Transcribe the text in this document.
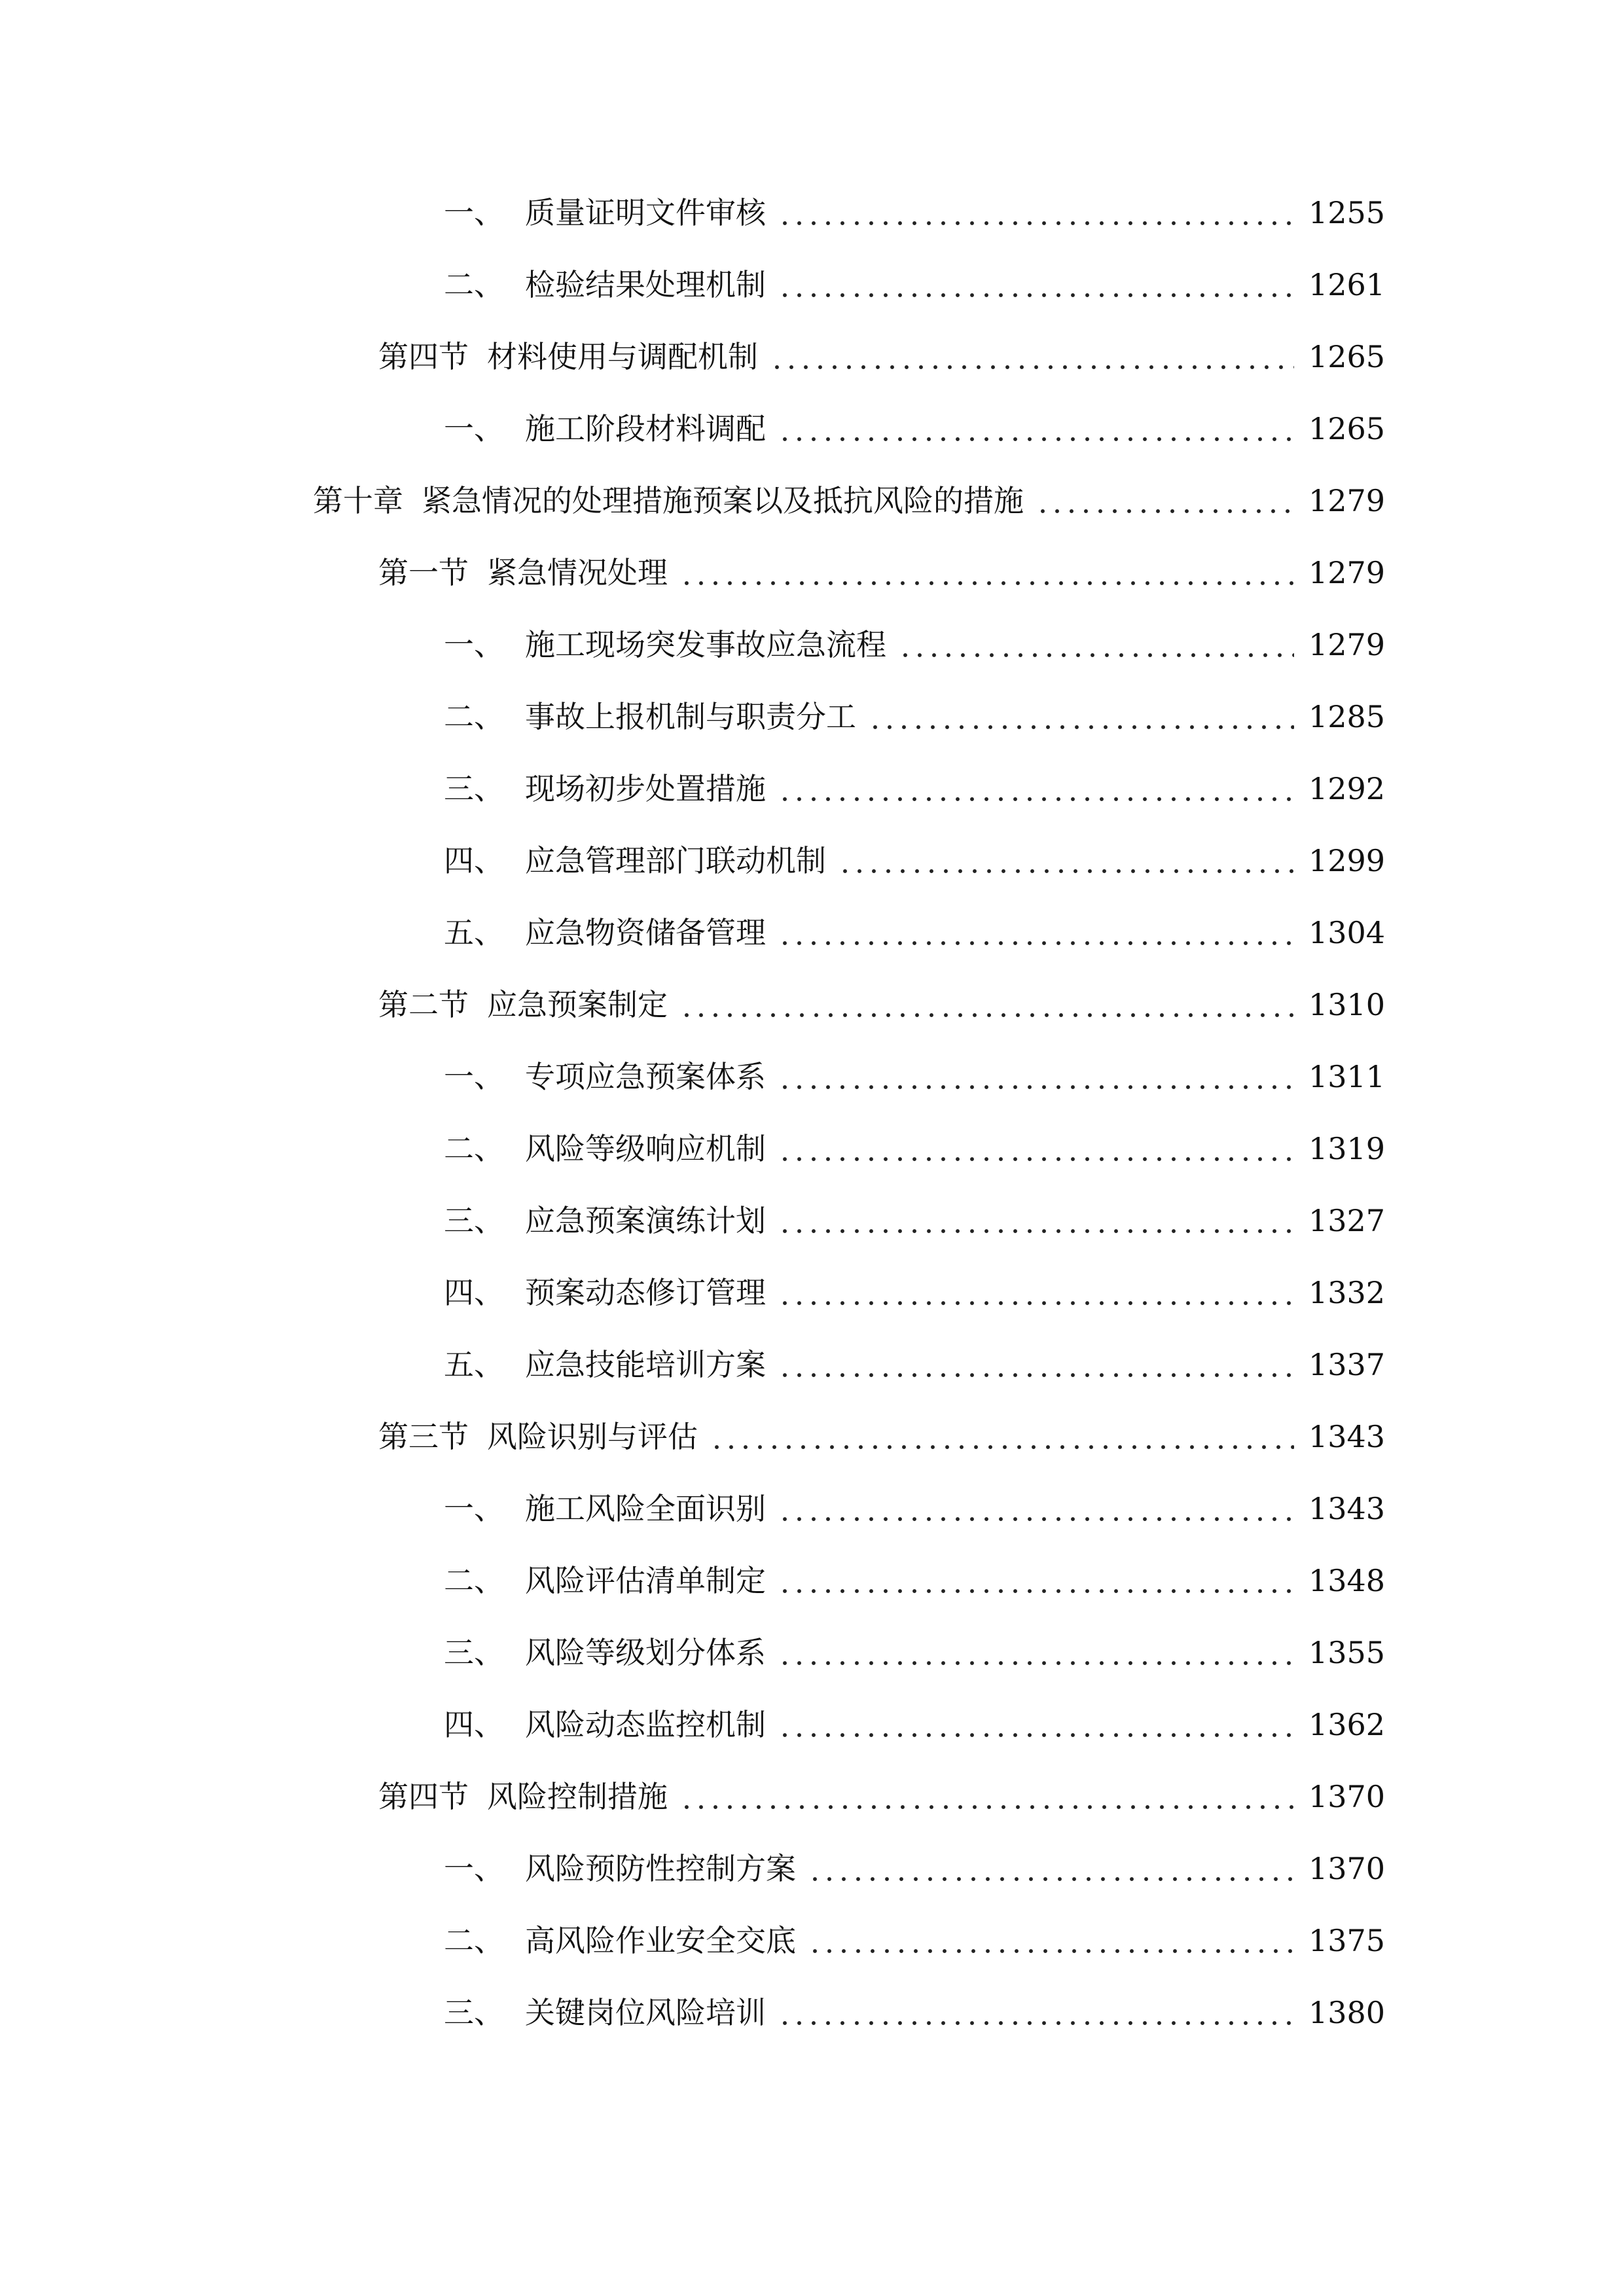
一、 质量证明文件审核	1255
二、 检验结果处理机制	1261
第四节 材料使用与调配机制	1265
一、 施工阶段材料调配	1265
第十章 紧急情况的处理措施预案以及抵抗风险的措施	1279
第一节 紧急情况处理	1279
一、 施工现场突发事故应急流程	1279
二、 事故上报机制与职责分工	1285
三、 现场初步处置措施	1292
四、 应急管理部门联动机制	1299
五、 应急物资储备管理	1304
第二节 应急预案制定	1310
一、 专项应急预案体系	1311
二、 风险等级响应机制	1319
三、 应急预案演练计划	1327
四、 预案动态修订管理	1332
五、 应急技能培训方案	1337
第三节 风险识别与评估	1343
一、 施工风险全面识别	1343
二、 风险评估清单制定	1348
三、 风险等级划分体系	1355
四、 风险动态监控机制	1362
第四节 风险控制措施	1370
一、 风险预防性控制方案	1370
二、 高风险作业安全交底	1375
三、 关键岗位风险培训	1380
